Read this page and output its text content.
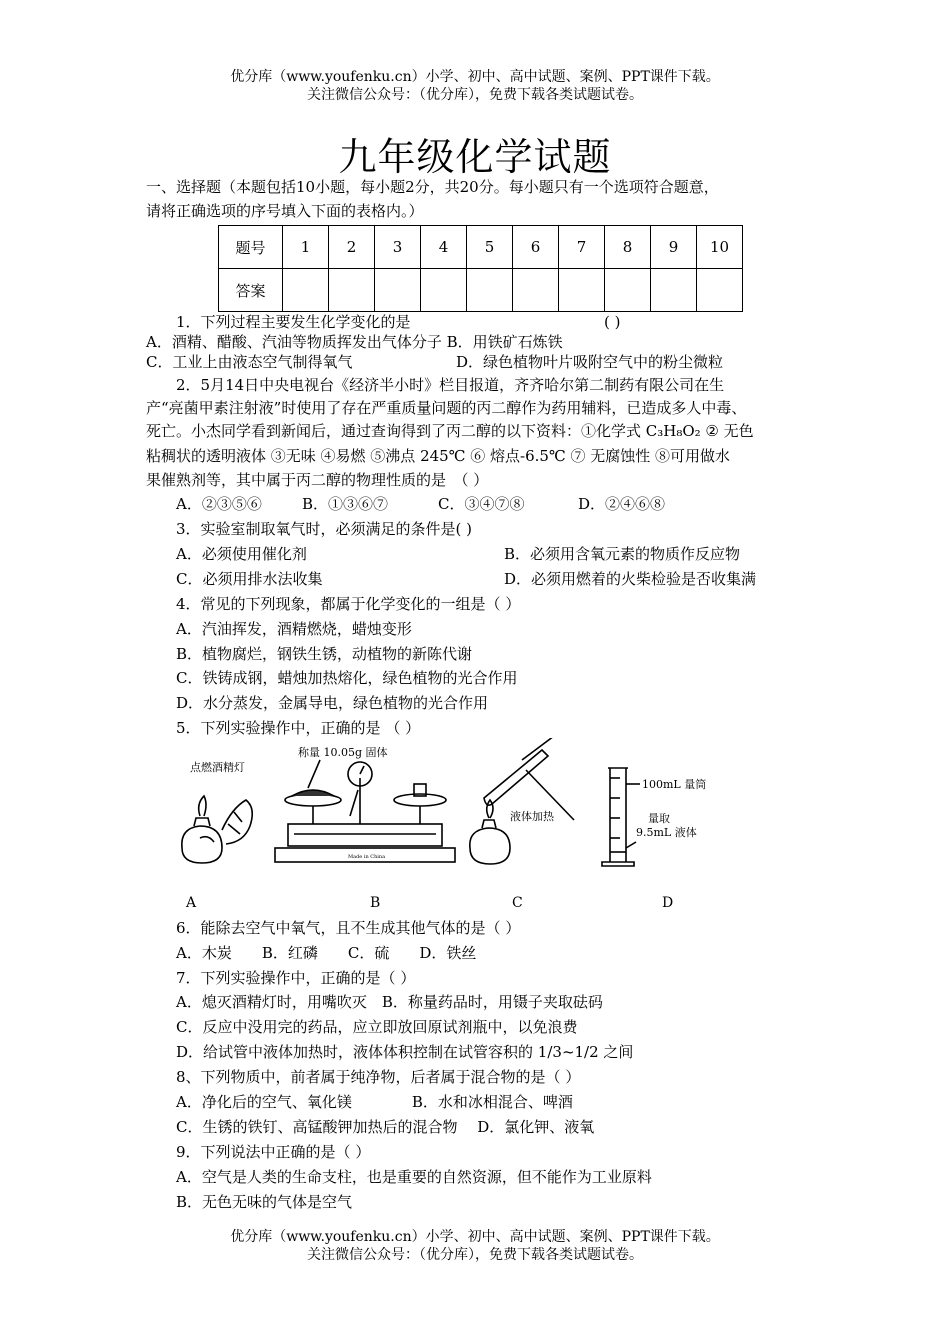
优分库（www.youfenku.cn）小学、初中、高中试题、案例、PPT课件下载。
关注微信公众号：（优分库），免费下载各类试题试卷。
九年级化学试题
一、选择题（本题包括10小题，每小题2分，共20分。每小题只有一个选项符合题意，
请将正确选项的序号填入下面的表格内。）
题号	1	2	3	4	5	6	7	8	9	10
答案										
1．下列过程主要发生化学变化的是	( )
A．酒精、醋酸、汽油等物质挥发出气体分子 B．用铁矿石炼铁
C．工业上由液态空气制得氧气	D．绿色植物叶片吸附空气中的粉尘微粒
2．5月14日中央电视台《经济半小时》栏目报道，齐齐哈尔第二制药有限公司在生
产“亮菌甲素注射液”时使用了存在严重质量问题的丙二醇作为药用辅料，已造成多人中毒、
死亡。小杰同学看到新闻后，通过查询得到了丙二醇的以下资料：①化学式 C₃H₈O₂ ② 无色
粘稠状的透明液体 ③无味 ④易燃 ⑤沸点 245℃ ⑥ 熔点-6.5℃ ⑦ 无腐蚀性 ⑧可用做水
果催熟剂等，其中属于丙二醇的物理性质的是　（ ）
A．②③⑤⑥	B．①③⑥⑦	C．③④⑦⑧	D．②④⑥⑧
3．实验室制取氧气时，必须满足的条件是( )
A．必须使用催化剂	B．必须用含氧元素的物质作反应物
C．必须用排水法收集	D．必须用燃着的火柴检验是否收集满
4．常见的下列现象，都属于化学变化的一组是（ ）
A．汽油挥发，酒精燃烧，蜡烛变形
B．植物腐烂，钢铁生锈，动植物的新陈代谢
C．铁铸成钢，蜡烛加热熔化，绿色植物的光合作用
D．水分蒸发，金属导电，绿色植物的光合作用
5．下列实验操作中，正确的是 （ ）
点燃酒精灯
称量 10.05g 固体
Made in China
液体加热
100mL 量筒
量取
9.5mL 液体
A	B	C	D
6．能除去空气中氧气，且不生成其他气体的是（ ）
A．木炭　　B．红磷　　C．硫　　D．铁丝
7．下列实验操作中，正确的是（ ）
A．熄灭酒精灯时，用嘴吹灭　B．称量药品时，用镊子夹取砝码
C．反应中没用完的药品，应立即放回原试剂瓶中，以免浪费
D．给试管中液体加热时，液体体积控制在试管容积的 1/3~1/2 之间
8、下列物质中，前者属于纯净物，后者属于混合物的是（ ）
A．净化后的空气、氧化镁　　　　B．水和冰相混合、啤酒
C．生锈的铁钉、高锰酸钾加热后的混合物　 D．氯化钾、液氧
9．下列说法中正确的是（ ）
A．空气是人类的生命支柱，也是重要的自然资源，但不能作为工业原料
B．无色无味的气体是空气
优分库（www.youfenku.cn）小学、初中、高中试题、案例、PPT课件下载。
关注微信公众号：（优分库），免费下载各类试题试卷。
